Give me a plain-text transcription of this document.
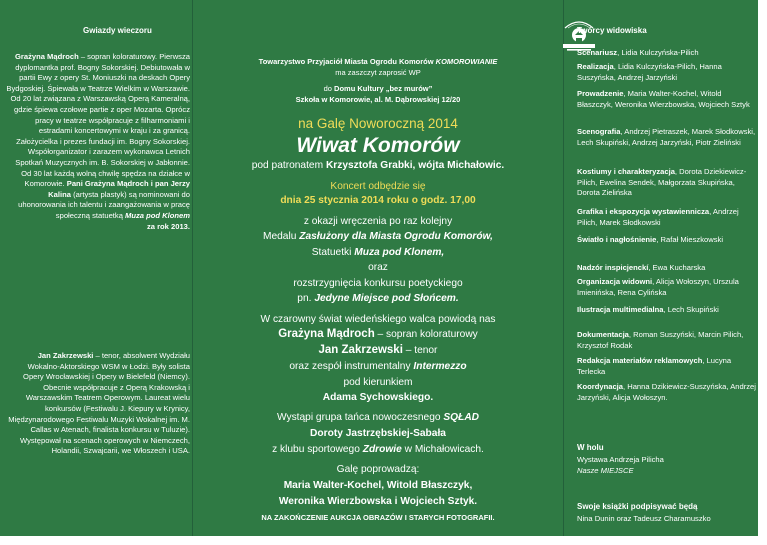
Gwiazdy wieczoru

Grażyna Mądroch – sopran koloraturowy. Pierwsza dyplomantka prof. Bogny Sokorskiej. Debiutowała w partii Ewy z opery St. Moniuszki na deskach Opery Bydgoskiej. Śpiewała w Teatrze Wielkim w Warszawie. Od 20 lat związana z Warszawską Operą Kameralną, gdzie śpiewa czołowe partie z oper Mozarta. Oprócz pracy w teatrze współpracuje z filharmoniami i estradami koncertowymi w kraju i za granicą. Założycielka i prezes fundacji im. Bogny Sokorskiej. Współorganizator i zarazem wykonawca Letnich Spotkań Muzycznych im. B. Sokorskiej w Jabłonnie. Od 30 lat każdą wolną chwilę spędza na działce w Komorowie. Pani Grażyna Mądroch i pan Jerzy Kalina (artysta plastyk) są nominowani do uhonorowania ich talentu i zaangażowania w pracę społeczną statuetką Muza pod Klonem
za rok 2013.

Jan Zakrzewski – tenor, absolwent Wydziału Wokalno-Aktorskiego WSM w Łodzi. Były solista Opery Wrocławskiej i Opery w Bielefeld (Niemcy). Obecnie współpracuje z Operą Krakowską i Warszawskim Teatrem Operowym. Laureat wielu konkursów (Festiwalu J. Kiepury w Krynicy, Międzynarodowego Festiwalu Muzyki Wokalnej im. M. Callas w Atenach, finalista konkursu w Tuluzie). Występował na scenach operowych w Niemczech, Holandii, Szwajcarii, we Włoszech i USA.

Towarzystwo Przyjaciół Miasta Ogrodu Komorów KOMOROWIANIE

ma zaszczyt zaprosić WP

do Domu Kultury „bez murów”

Szkoła w Komorowie, al. M. Dąbrowskiej 12/20

na Galę Noworoczną 2014

Wiwat Komorów

pod patronatem Krzysztofa Grabki, wójta Michałowic.

Koncert odbędzie się

dnia 25 stycznia 2014 roku o godz. 17,00

z okazji wręczenia po raz kolejny

Medalu Zasłużony dla Miasta Ogrodu Komorów,

Statuetki Muza pod Klonem,

oraz

rozstrzygnięcia konkursu poetyckiego

pn. Jedyne Miejsce pod Słońcem.

W czarowny świat wiedeńskiego walca powiodą nas

Grażyna Mądroch – sopran koloraturowy

Jan Zakrzewski – tenor

oraz zespół instrumentalny Intermezzo

pod kierunkiem

Adama Sychowskiego.

Wystąpi grupa tańca nowoczesnego SQŁAD

Doroty Jastrzębskiej-Sabała

z klubu sportowego Zdrowie w Michałowicach.

Galę poprowadzą:

Maria Walter-Kochel, Witold Błaszczyk,

Weronika Wierzbowska i Wojciech Sztyk.

NA ZAKOŃCZENIE AUKCJA OBRAZÓW I STARYCH FOTOGRAFII.

Twórcy widowiska

Scenariusz, Lidia Kulczyńska-Pilich

Realizacja, Lidia Kulczyńska-Pilich, Hanna Suszyńska, Andrzej Jarzyński

Prowadzenie, Maria Walter-Kochel, Witold Błaszczyk, Weronika Wierzbowska, Wojciech Sztyk

Scenografia, Andrzej Pietraszek, Marek Słodkowski, Lech Skupiński, Andrzej Jarzyński, Piotr Zieliński

Kostiumy i charakteryzacja, Dorota Dziekiewicz-Pilich, Ewelina Sendek, Małgorzata Skupińska, Dorota Zielińska

Grafika i ekspozycja wystawiennicza, Andrzej Pilich, Marek Słodkowski

Światło i nagłośnienie, Rafał Mieszkowski

Nadzór inspicjenckí, Ewa Kucharska

Organizacja widowni, Alicja Wołoszyn, Urszula Imienińska, Rena Cylińska

Ilustracja multimedialna, Lech Skupiński

Dokumentacja, Roman Suszyński, Marcin Pilich, Krzysztof Rodak

Redakcja materiałów reklamowych, Lucyna Terlecka

Koordynacja, Hanna Dzikiewicz-Suszyńska, Andrzej Jarzyński, Alicja Wołoszyn.

W holu

Wystawa Andrzeja Pilicha

Nasze MIEJSCE

Swoje książki podpisywać będą

Nina Dunin oraz Tadeusz Charamuszko
